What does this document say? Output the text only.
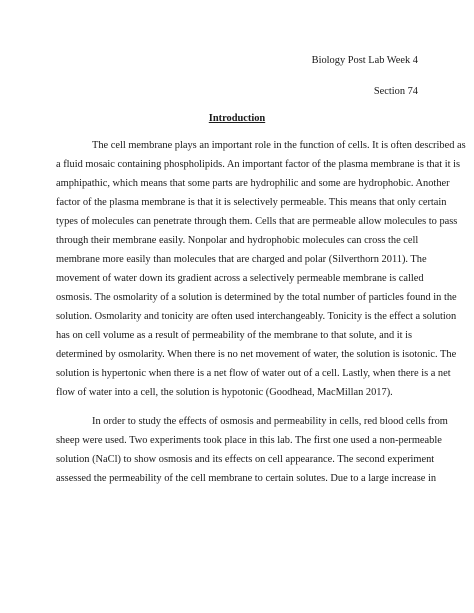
Biology Post Lab Week 4
Section 74
Introduction
The cell membrane plays an important role in the function of cells. It is often described as
a fluid mosaic containing phospholipids. An important factor of the plasma membrane is that it is
amphipathic, which means that some parts are hydrophilic and some are hydrophobic. Another
factor of the plasma membrane is that it is selectively permeable. This means that only certain
types of molecules can penetrate through them. Cells that are permeable allow molecules to pass
through their membrane easily. Nonpolar and hydrophobic molecules can cross the cell
membrane more easily than molecules that are charged and polar (Silverthorn 2011). The
movement of water down its gradient across a selectively permeable membrane is called
osmosis. The osmolarity of a solution is determined by the total number of particles found in the
solution. Osmolarity and tonicity are often used interchangeably. Tonicity is the effect a solution
has on cell volume as a result of permeability of the membrane to that solute, and it is
determined by osmolarity. When there is no net movement of water, the solution is isotonic. The
solution is hypertonic when there is a net flow of water out of a cell. Lastly, when there is a net
flow of water into a cell, the solution is hypotonic (Goodhead, MacMillan 2017).
In order to study the effects of osmosis and permeability in cells, red blood cells from
sheep were used. Two experiments took place in this lab. The first one used a non-permeable
solution (NaCl) to show osmosis and its effects on cell appearance. The second experiment
assessed the permeability of the cell membrane to certain solutes. Due to a large increase in
